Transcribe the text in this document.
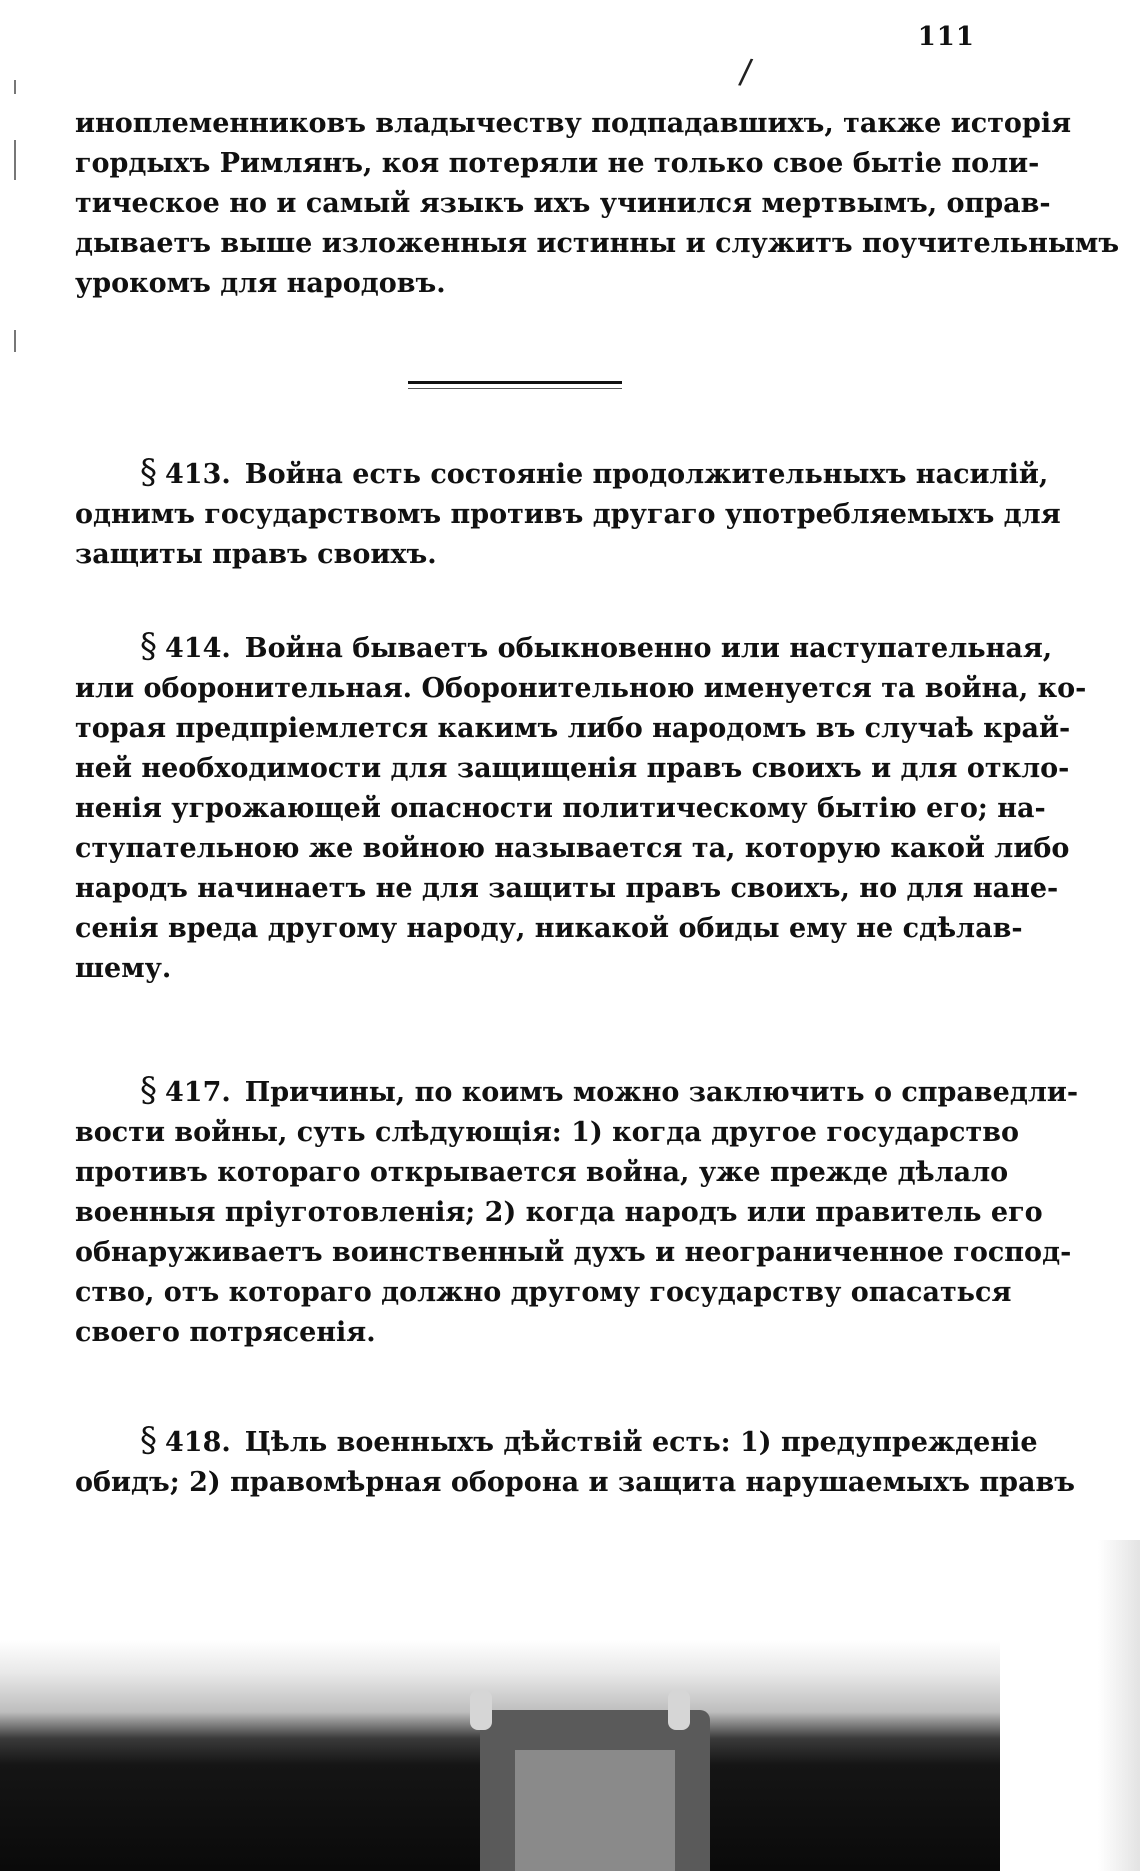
111
/
иноплеменниковъ владычеству подпадавшихъ, также исторія
гордыхъ Римлянъ, коя потеряли не только свое бытіе поли-
тическое но и самый языкъ ихъ учинился мертвымъ, оправ-
дываетъ выше изложенныя истинны и служитъ поучительнымъ
урокомъ для народовъ.
§ 413. Война есть состояніе продолжительныхъ насилій,
однимъ государствомъ противъ другаго употребляемыхъ для
защиты правъ своихъ.
§ 414. Война бываетъ обыкновенно или наступательная,
или оборонительная. Оборонительною именуется та война, ко-
торая предпріемлется какимъ либо народомъ въ случаѣ край-
ней необходимости для защищенія правъ своихъ и для откло-
ненія угрожающей опасности политическому бытію его; на-
ступательною же войною называется та, которую какой либо
народъ начинаетъ не для защиты правъ своихъ, но для нане-
сенія вреда другому народу, никакой обиды ему не сдѣлав-
шему.
§ 417. Причины, по коимъ можно заключить о справедли-
вости войны, суть слѣдующія: 1) когда другое государство
противъ котораго открывается война, уже прежде дѣлало
военныя пріуготовленія; 2) когда народъ или правитель его
обнаруживаетъ воинственный духъ и неограниченное господ-
ство, отъ котораго должно другому государству опасаться
своего потрясенія.
§ 418. Цѣль военныхъ дѣйствій есть: 1) предупрежденіе
обидъ; 2) правомѣрная оборона и защита нарушаемыхъ правъ
